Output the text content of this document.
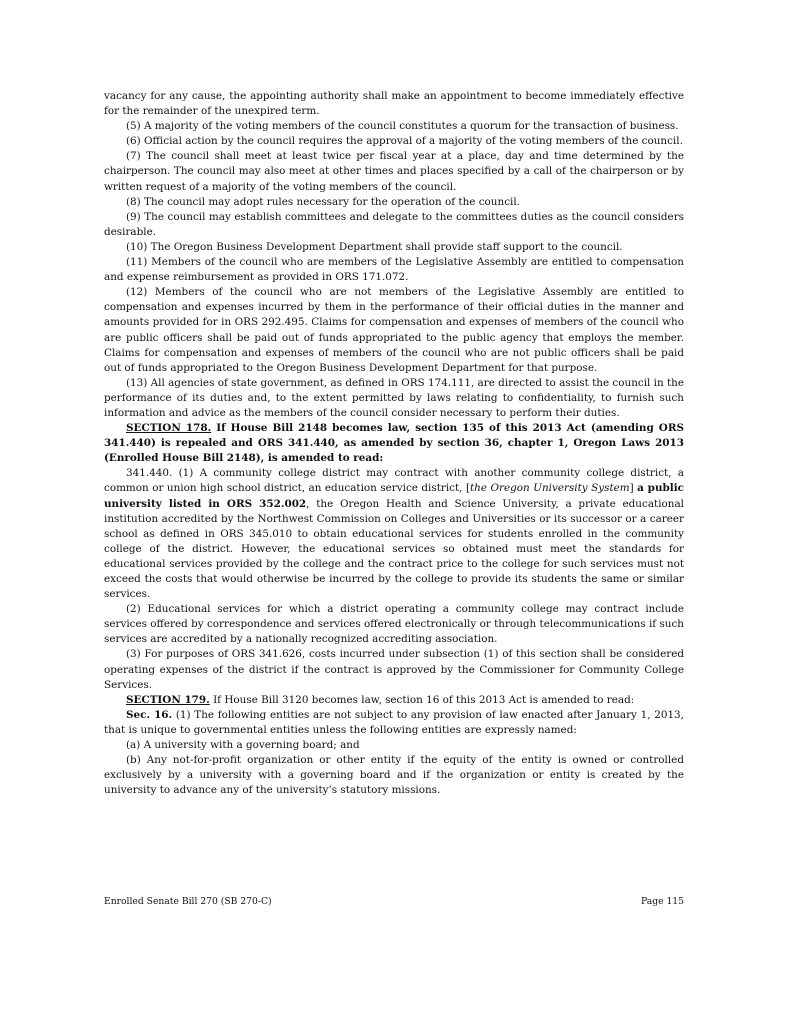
vacancy for any cause, the appointing authority shall make an appointment to become immediately effective for the remainder of the unexpired term.

(5) A majority of the voting members of the council constitutes a quorum for the transaction of business.

(6) Official action by the council requires the approval of a majority of the voting members of the council.

(7) The council shall meet at least twice per fiscal year at a place, day and time determined by the chairperson. The council may also meet at other times and places specified by a call of the chairperson or by written request of a majority of the voting members of the council.

(8) The council may adopt rules necessary for the operation of the council.

(9) The council may establish committees and delegate to the committees duties as the council considers desirable.

(10) The Oregon Business Development Department shall provide staff support to the council.

(11) Members of the council who are members of the Legislative Assembly are entitled to compensation and expense reimbursement as provided in ORS 171.072.

(12) Members of the council who are not members of the Legislative Assembly are entitled to compensation and expenses incurred by them in the performance of their official duties in the manner and amounts provided for in ORS 292.495. Claims for compensation and expenses of members of the council who are public officers shall be paid out of funds appropriated to the public agency that employs the member. Claims for compensation and expenses of members of the council who are not public officers shall be paid out of funds appropriated to the Oregon Business Development Department for that purpose.

(13) All agencies of state government, as defined in ORS 174.111, are directed to assist the council in the performance of its duties and, to the extent permitted by laws relating to confidentiality, to furnish such information and advice as the members of the council consider necessary to perform their duties.

SECTION 178. If House Bill 2148 becomes law, section 135 of this 2013 Act (amending ORS 341.440) is repealed and ORS 341.440, as amended by section 36, chapter 1, Oregon Laws 2013 (Enrolled House Bill 2148), is amended to read:

341.440. (1) A community college district may contract with another community college district, a common or union high school district, an education service district, [the Oregon University System] a public university listed in ORS 352.002, the Oregon Health and Science University, a private educational institution accredited by the Northwest Commission on Colleges and Universities or its successor or a career school as defined in ORS 345.010 to obtain educational services for students enrolled in the community college of the district. However, the educational services so obtained must meet the standards for educational services provided by the college and the contract price to the college for such services must not exceed the costs that would otherwise be incurred by the college to provide its students the same or similar services.

(2) Educational services for which a district operating a community college may contract include services offered by correspondence and services offered electronically or through telecommunications if such services are accredited by a nationally recognized accrediting association.

(3) For purposes of ORS 341.626, costs incurred under subsection (1) of this section shall be considered operating expenses of the district if the contract is approved by the Commissioner for Community College Services.

SECTION 179. If House Bill 3120 becomes law, section 16 of this 2013 Act is amended to read:

Sec. 16. (1) The following entities are not subject to any provision of law enacted after January 1, 2013, that is unique to governmental entities unless the following entities are expressly named:

(a) A university with a governing board; and

(b) Any not-for-profit organization or other entity if the equity of the entity is owned or controlled exclusively by a university with a governing board and if the organization or entity is created by the university to advance any of the university’s statutory missions.

Enrolled Senate Bill 270 (SB 270-C)	Page 115
